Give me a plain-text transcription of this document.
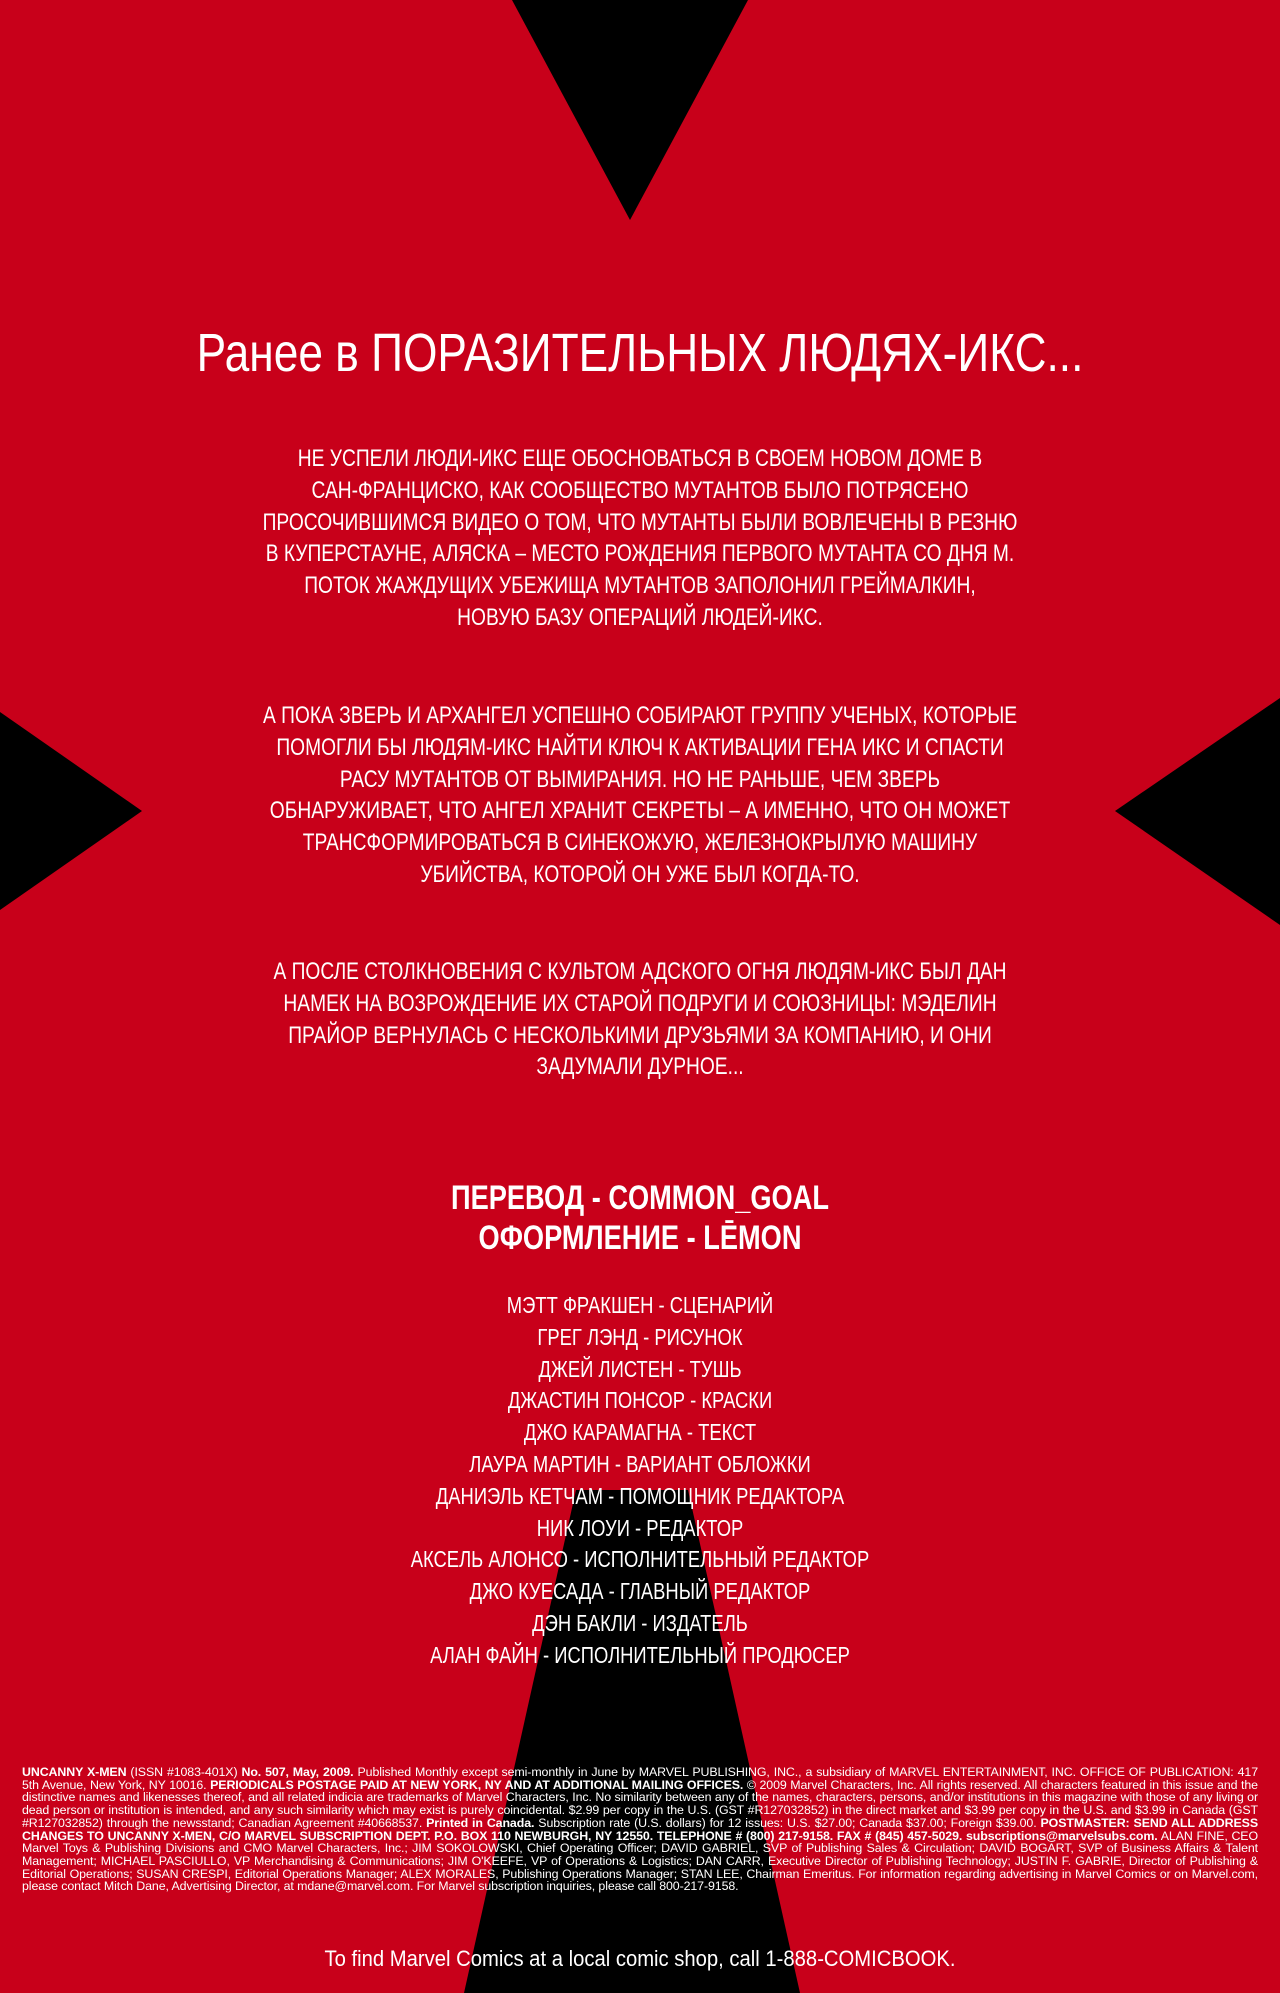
Ранее в ПОРАЗИТЕЛЬНЫХ ЛЮДЯХ-ИКС...
НЕ УСПЕЛИ ЛЮДИ-ИКС ЕЩЕ ОБОСНОВАТЬСЯ В СВОЕМ НОВОМ ДОМЕ В
САН-ФРАНЦИСКО, КАК СООБЩЕСТВО МУТАНТОВ БЫЛО ПОТРЯСЕНО
ПРОСОЧИВШИМСЯ ВИДЕО О ТОМ, ЧТО МУТАНТЫ БЫЛИ ВОВЛЕЧЕНЫ В РЕЗНЮ
В КУПЕРСТАУНЕ, АЛЯСКА – МЕСТО РОЖДЕНИЯ ПЕРВОГО МУТАНТА СО ДНЯ М.
ПОТОК ЖАЖДУЩИХ УБЕЖИЩА МУТАНТОВ ЗАПОЛОНИЛ ГРЕЙМАЛКИН,
НОВУЮ БАЗУ ОПЕРАЦИЙ ЛЮДЕЙ-ИКС.
А ПОКА ЗВЕРЬ И АРХАНГЕЛ УСПЕШНО СОБИРАЮТ ГРУППУ УЧЕНЫХ, КОТОРЫЕ
ПОМОГЛИ БЫ ЛЮДЯМ-ИКС НАЙТИ КЛЮЧ К АКТИВАЦИИ ГЕНА ИКС И СПАСТИ
РАСУ МУТАНТОВ ОТ ВЫМИРАНИЯ. НО НЕ РАНЬШЕ, ЧЕМ ЗВЕРЬ
ОБНАРУЖИВАЕТ, ЧТО АНГЕЛ ХРАНИТ СЕКРЕТЫ – А ИМЕННО, ЧТО ОН МОЖЕТ
ТРАНСФОРМИРОВАТЬСЯ В СИНЕКОЖУЮ, ЖЕЛЕЗНОКРЫЛУЮ МАШИНУ
УБИЙСТВА, КОТОРОЙ ОН УЖЕ БЫЛ КОГДА-ТО.
А ПОСЛЕ СТОЛКНОВЕНИЯ С КУЛЬТОМ АДСКОГО ОГНЯ ЛЮДЯМ-ИКС БЫЛ ДАН
НАМЕК НА ВОЗРОЖДЕНИЕ ИХ СТАРОЙ ПОДРУГИ И СОЮЗНИЦЫ: МЭДЕЛИН
ПРАЙОР ВЕРНУЛАСЬ С НЕСКОЛЬКИМИ ДРУЗЬЯМИ ЗА КОМПАНИЮ, И ОНИ
ЗАДУМАЛИ ДУРНОЕ...
ПЕРЕВОД - COMMON_GOAL
ОФОРМЛЕНИЕ - LЕ̄MON
МЭТТ ФРАКШЕН - СЦЕНАРИЙ
ГРЕГ ЛЭНД - РИСУНОК
ДЖЕЙ ЛИСТЕН - ТУШЬ
ДЖАСТИН ПОНСОР - КРАСКИ
ДЖО КАРАМАГНА - ТЕКСТ
ЛАУРА МАРТИН - ВАРИАНТ ОБЛОЖКИ
ДАНИЭЛЬ КЕТЧАМ - ПОМОЩНИК РЕДАКТОРА
НИК ЛОУИ - РЕДАКТОР
АКСЕЛЬ АЛОНСО - ИСПОЛНИТЕЛЬНЫЙ РЕДАКТОР
ДЖО КУЕСАДА - ГЛАВНЫЙ РЕДАКТОР
ДЭН БАКЛИ - ИЗДАТЕЛЬ
АЛАН ФАЙН - ИСПОЛНИТЕЛЬНЫЙ ПРОДЮСЕР
UNCANNY X-MEN (ISSN #1083-401X) No. 507, May, 2009. Published Monthly except semi-monthly in June by MARVEL PUBLISHING, INC., a subsidiary of MARVEL ENTERTAINMENT, INC. OFFICE OF PUBLICATION: 417 5th Avenue, New York, NY 10016. PERIODICALS POSTAGE PAID AT NEW YORK, NY AND AT ADDITIONAL MAILING OFFICES. © 2009 Marvel Characters, Inc. All rights reserved. All characters featured in this issue and the distinctive names and likenesses thereof, and all related indicia are trademarks of Marvel Characters, Inc. No similarity between any of the names, characters, persons, and/or institutions in this magazine with those of any living or dead person or institution is intended, and any such similarity which may exist is purely coincidental. $2.99 per copy in the U.S. (GST #R127032852) in the direct market and $3.99 per copy in the U.S. and $3.99 in Canada (GST #R127032852) through the newsstand; Canadian Agreement #40668537. Printed in Canada. Subscription rate (U.S. dollars) for 12 issues: U.S. $27.00; Canada $37.00; Foreign $39.00. POSTMASTER: SEND ALL ADDRESS CHANGES TO UNCANNY X-MEN, C/O MARVEL SUBSCRIPTION DEPT. P.O. BOX 110 NEWBURGH, NY 12550. TELEPHONE # (800) 217-9158. FAX # (845) 457-5029. subscriptions@marvelsubs.com. ALAN FINE, CEO Marvel Toys & Publishing Divisions and CMO Marvel Characters, Inc.; JIM SOKOLOWSKI, Chief Operating Officer; DAVID GABRIEL, SVP of Publishing Sales & Circulation; DAVID BOGART, SVP of Business Affairs & Talent Management; MICHAEL PASCIULLO, VP Merchandising & Communications; JIM O'KEEFE, VP of Operations & Logistics; DAN CARR, Executive Director of Publishing Technology; JUSTIN F. GABRIE, Director of Publishing & Editorial Operations; SUSAN CRESPI, Editorial Operations Manager; ALEX MORALES, Publishing Operations Manager; STAN LEE, Chairman Emeritus. For information regarding advertising in Marvel Comics or on Marvel.com, please contact Mitch Dane, Advertising Director, at mdane@marvel.com. For Marvel subscription inquiries, please call 800-217-9158.
To find Marvel Comics at a local comic shop, call 1-888-COMICBOOK.
